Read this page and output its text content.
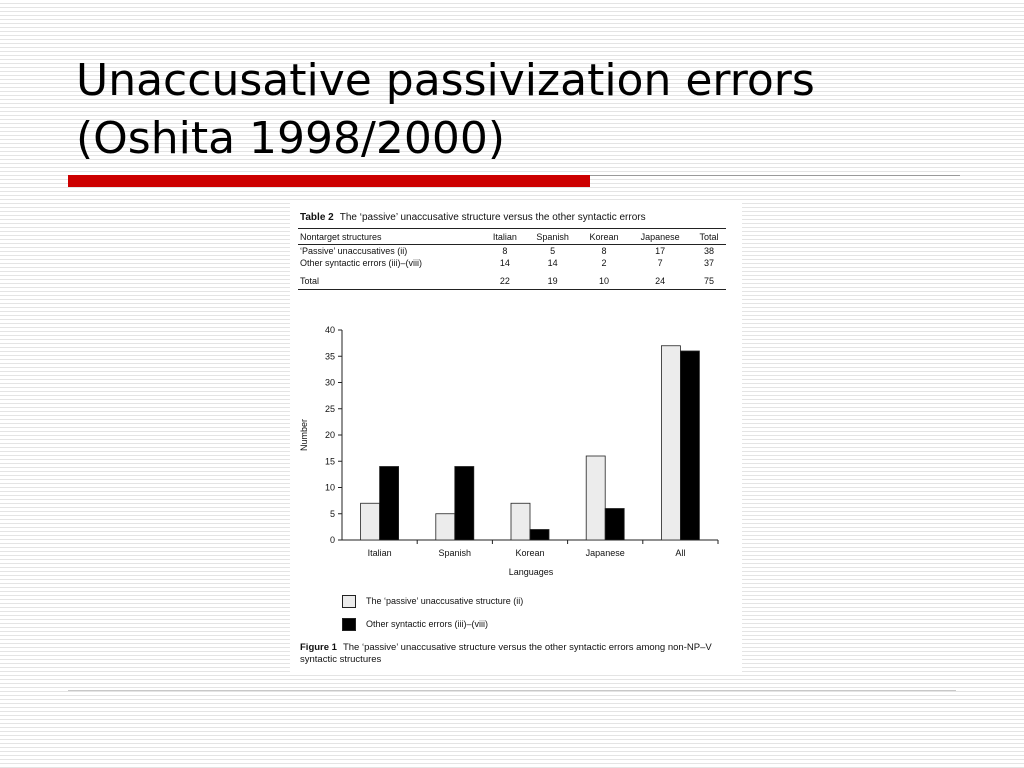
Unaccusative passivization errors
(Oshita 1998/2000)
Table 2 The ‘passive’ unaccusative structure versus the other syntactic errors
Nontarget structures	Italian	Spanish	Korean	Japanese	Total
‘Passive’ unaccusatives (ii)	8	5	8	17	38
Other syntactic errors (iii)–(viii)	14	14	2	7	37
Total	22	19	10	24	75
0
5
10
15
20
25
30
35
40
Italian	Spanish	Korean	Japanese	All
Number
Languages
The ‘passive’ unaccusative structure (ii)
Other syntactic errors (iii)–(viii)
Figure 1 The ‘passive’ unaccusative structure versus the other syntactic errors among non-NP–V syntactic structures
